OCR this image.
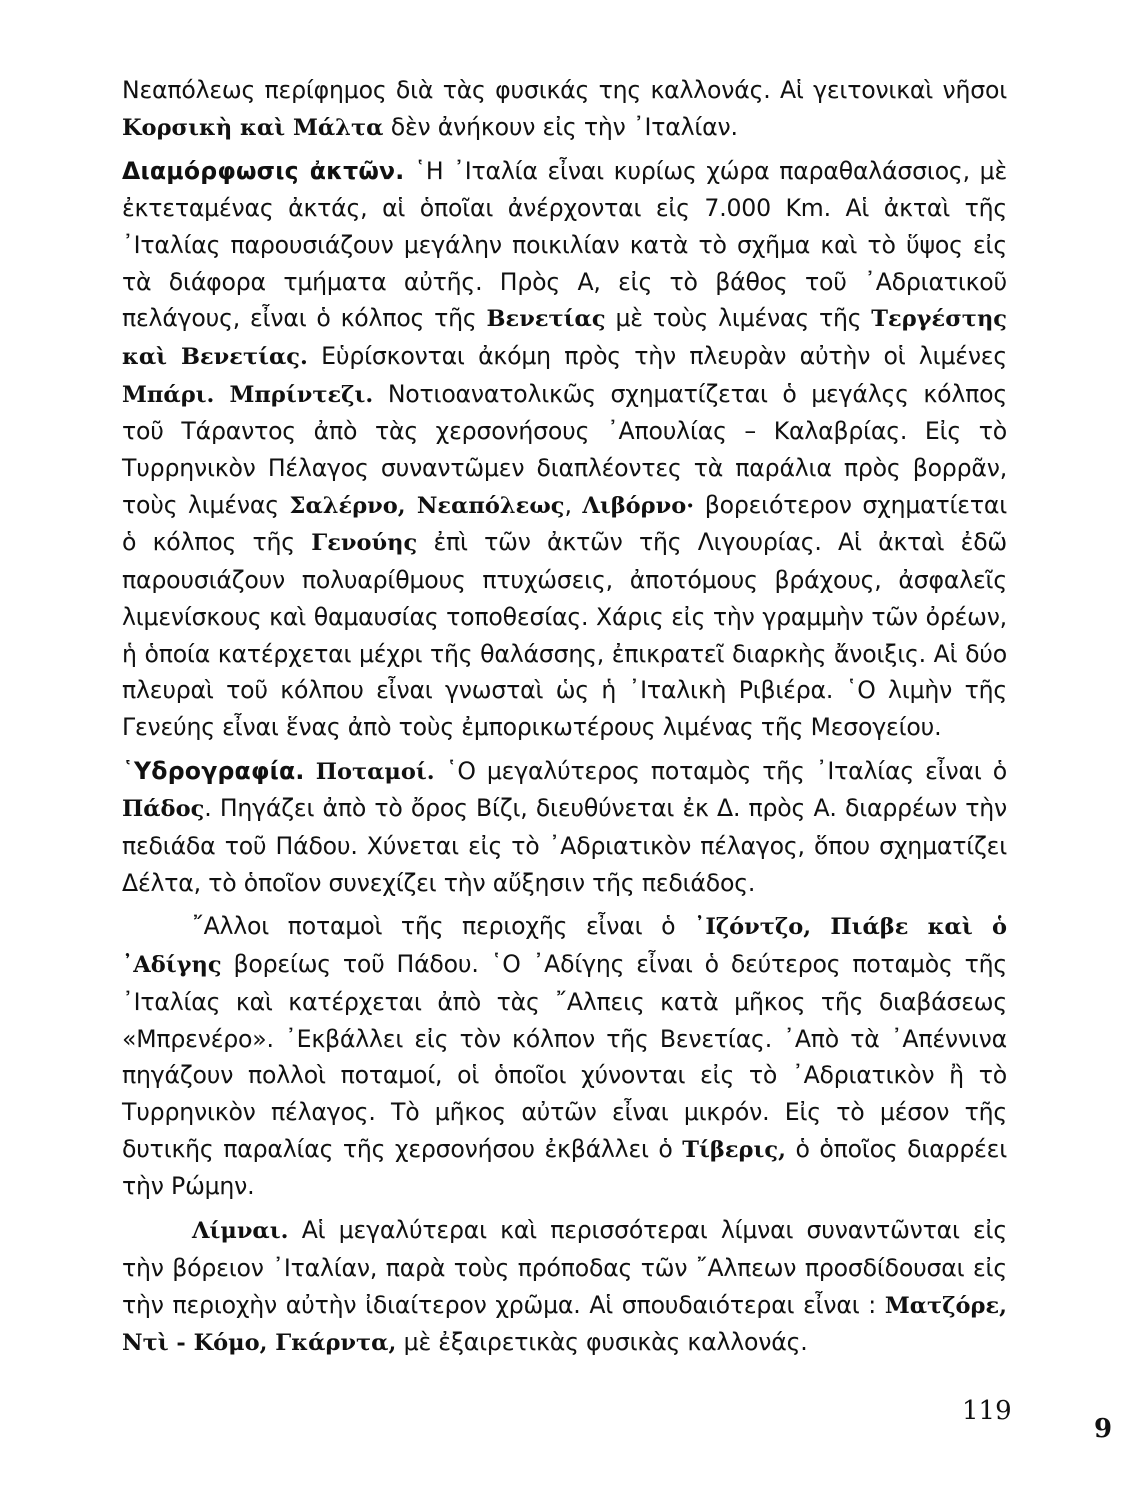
Νεαπόλεως περίφημος διὰ τὰς φυσικάς της καλλονάς. Αἱ γειτονικαὶ νῆσοι Κορσικὴ καὶ Μάλτα δὲν ἀνήκουν εἰς τὴν ᾿Ιταλίαν.

Διαμόρφωσις ἀκτῶν. ῾Η ᾿Ιταλία εἶναι κυρίως χώρα παραθαλάσσιος, μὲ ἐκτεταμένας ἀκτάς, αἱ ὁποῖαι ἀνέρχονται εἰς 7.000 Km. Αἱ ἀκταὶ τῆς ᾿Ιταλίας παρουσιάζουν μεγάλην ποικιλίαν κατὰ τὸ σχῆμα καὶ τὸ ὕψος εἰς τὰ διάφορα τμήματα αὐτῆς. Πρὸς Α, εἰς τὸ βάθος τοῦ ᾿Αδριατικοῦ πελάγους, εἶναι ὁ κόλπος τῆς Βενετίας μὲ τοὺς λιμένας τῆς Τεργέστης καὶ Βενετίας. Εὑρίσκονται ἀκόμη πρὸς τὴν πλευρὰν αὐτὴν οἱ λιμένες Μπάρι. Μπρίντεζι. Νοτιοανατολικῶς σχηματίζεται ὁ μεγάλςς κόλπος τοῦ Τάραντος ἀπὸ τὰς χερσονήσους ᾿Απουλίας – Καλαβρίας. Εἰς τὸ Τυρρηνικὸν Πέλαγος συναντῶμεν διαπλέοντες τὰ παράλια πρὸς βορρᾶν, τοὺς λιμένας Σαλέρνο, Νεαπόλεως, Λιβόρνο· βορειότερον σχηματίεται ὁ κόλπος τῆς Γενούης ἐπὶ τῶν ἀκτῶν τῆς Λιγουρίας. Αἱ ἀκταὶ ἐδῶ παρουσιάζουν πολυαρίθμους πτυχώσεις, ἀποτόμους βράχους, ἀσφαλεῖς λιμενίσκους καὶ θαμαυσίας τοποθεσίας. Χάρις εἰς τὴν γραμμὴν τῶν ὀρέων, ἡ ὁποία κατέρχεται μέχρι τῆς θαλάσσης, ἐπικρατεῖ διαρκὴς ἄνοιξις. Αἱ δύο πλευραὶ τοῦ κόλπου εἶναι γνωσταὶ ὡς ἡ ᾿Ιταλικὴ Ριβιέρα. ῾Ο λιμὴν τῆς Γενεύης εἶναι ἕνας ἀπὸ τοὺς ἐμπορικωτέρους λιμένας τῆς Μεσογείου.

῾Υδρογραφία. Ποταμοί. ῾Ο μεγαλύτερος ποταμὸς τῆς ᾿Ιταλίας εἶναι ὁ Πάδος. Πηγάζει ἀπὸ τὸ ὄρος Βίζι, διευθύνεται ἐκ Δ. πρὸς Α. διαρρέων τὴν πεδιάδα τοῦ Πάδου. Χύνεται εἰς τὸ ᾿Αδριατικὸν πέλαγος, ὅπου σχηματίζει Δέλτα, τὸ ὁποῖον συνεχίζει τὴν αὔξησιν τῆς πεδιάδος.

῎Αλλοι ποταμοὶ τῆς περιοχῆς εἶναι ὁ ᾿Ιζόντζο, Πιάβε καὶ ὁ ᾿Αδίγης βορείως τοῦ Πάδου. ῾Ο ᾿Αδίγης εἶναι ὁ δεύτερος ποταμὸς τῆς ᾿Ιταλίας καὶ κατέρχεται ἀπὸ τὰς ῎Αλπεις κατὰ μῆκος τῆς διαβάσεως «Μπρενέρο». ᾿Εκβάλλει εἰς τὸν κόλπον τῆς Βενετίας. ᾿Απὸ τὰ ᾿Απέννινα πηγάζουν πολλοὶ ποταμοί, οἱ ὁποῖοι χύνονται εἰς τὸ ᾿Αδριατικὸν ἢ τὸ Τυρρηνικὸν πέλαγος. Τὸ μῆκος αὐτῶν εἶναι μικρόν. Εἰς τὸ μέσον τῆς δυτικῆς παραλίας τῆς χερσονήσου ἐκβάλλει ὁ Τίβερις, ὁ ὁποῖος διαρρέει τὴν Ρώμην.

Λίμναι. Αἱ μεγαλύτεραι καὶ περισσότεραι λίμναι συναντῶνται εἰς τὴν βόρειον ᾿Ιταλίαν, παρὰ τοὺς πρόποδας τῶν ῎Αλπεων προσδίδουσαι εἰς τὴν περιοχὴν αὐτὴν ἰδιαίτερον χρῶμα. Αἱ σπουδαιότεραι εἶναι : Ματζόρε, Ντὶ - Κόμο, Γκάρντα, μὲ ἐξαιρετικὰς φυσικὰς καλλονάς.

119
9
